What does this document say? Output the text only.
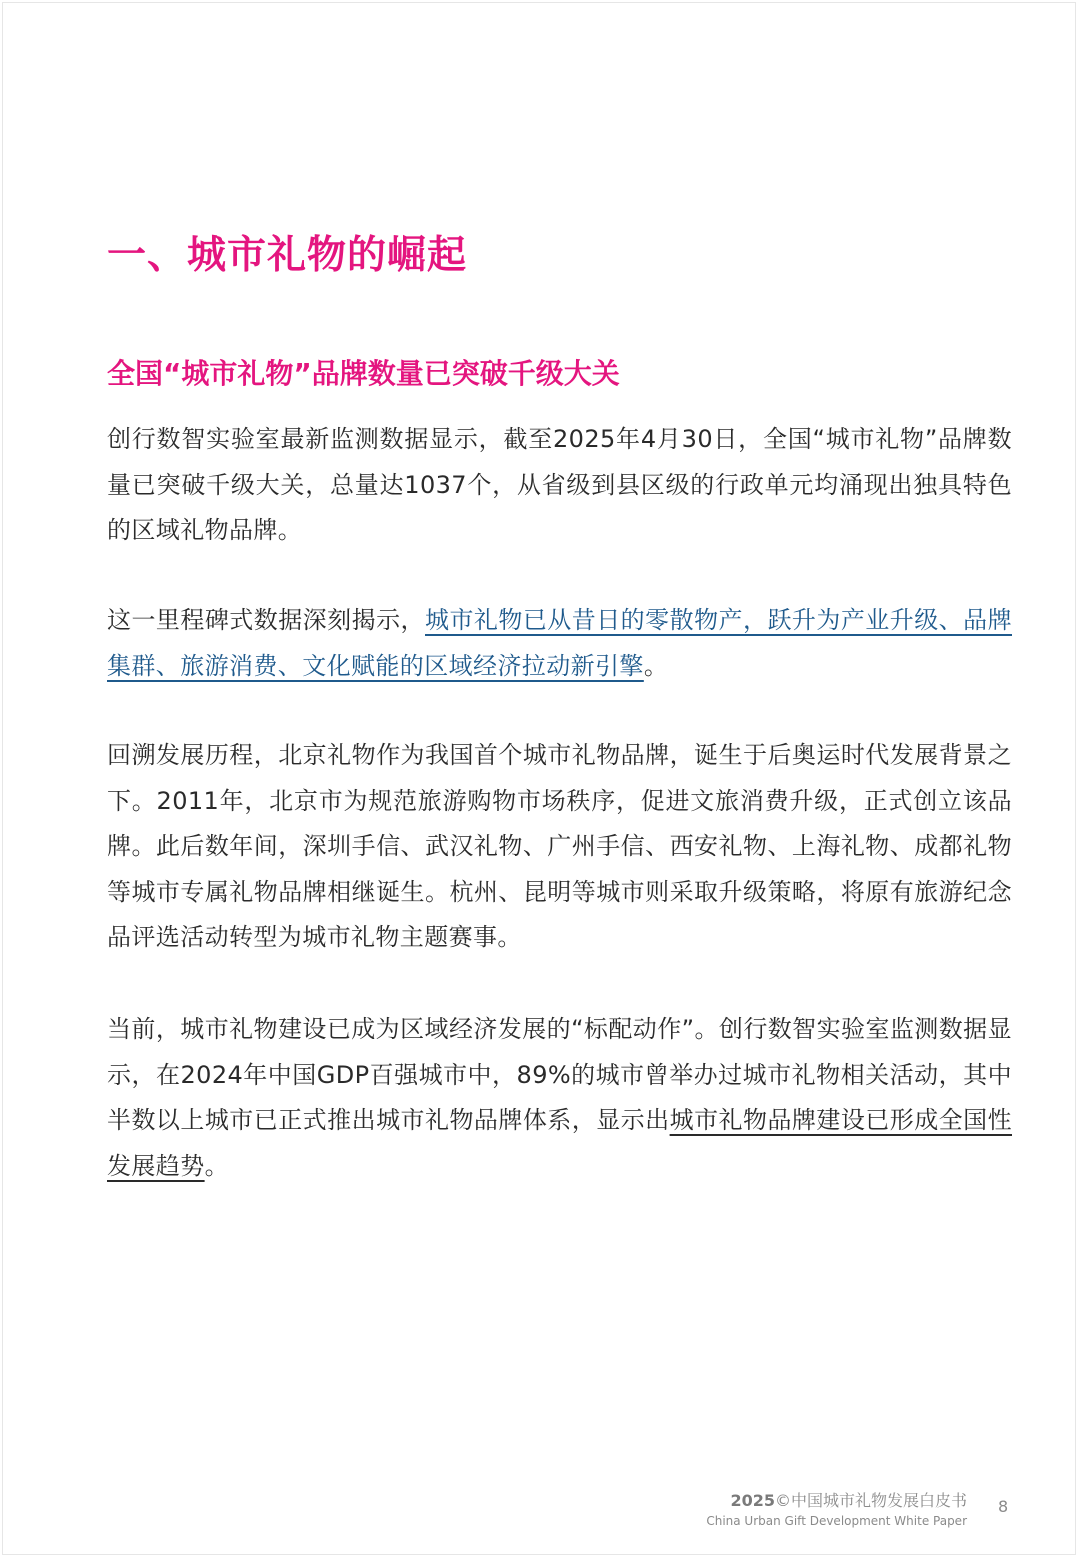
一、城市礼物的崛起
全国“城市礼物”品牌数量已突破千级大关

创行数智实验室最新监测数据显示，截至2025年4月30日，全国“城市礼物”品牌数量已突破千级大关，总量达1037个，从省级到县区级的行政单元均涌现出独具特色的区域礼物品牌。

这一里程碑式数据深刻揭示，城市礼物已从昔日的零散物产，跃升为产业升级、品牌集群、旅游消费、文化赋能的区域经济拉动新引擎。

回溯发展历程，北京礼物作为我国首个城市礼物品牌，诞生于后奥运时代发展背景之下。2011年，北京市为规范旅游购物市场秩序，促进文旅消费升级，正式创立该品牌。此后数年间，深圳手信、武汉礼物、广州手信、西安礼物、上海礼物、成都礼物等城市专属礼物品牌相继诞生。杭州、昆明等城市则采取升级策略，将原有旅游纪念品评选活动转型为城市礼物主题赛事。

当前，城市礼物建设已成为区域经济发展的“标配动作”。创行数智实验室监测数据显示，在2024年中国GDP百强城市中，89%的城市曾举办过城市礼物相关活动，其中半数以上城市已正式推出城市礼物品牌体系，显示出城市礼物品牌建设已形成全国性发展趋势。

2025©中国城市礼物发展白皮书
China Urban Gift Development White Paper
8
